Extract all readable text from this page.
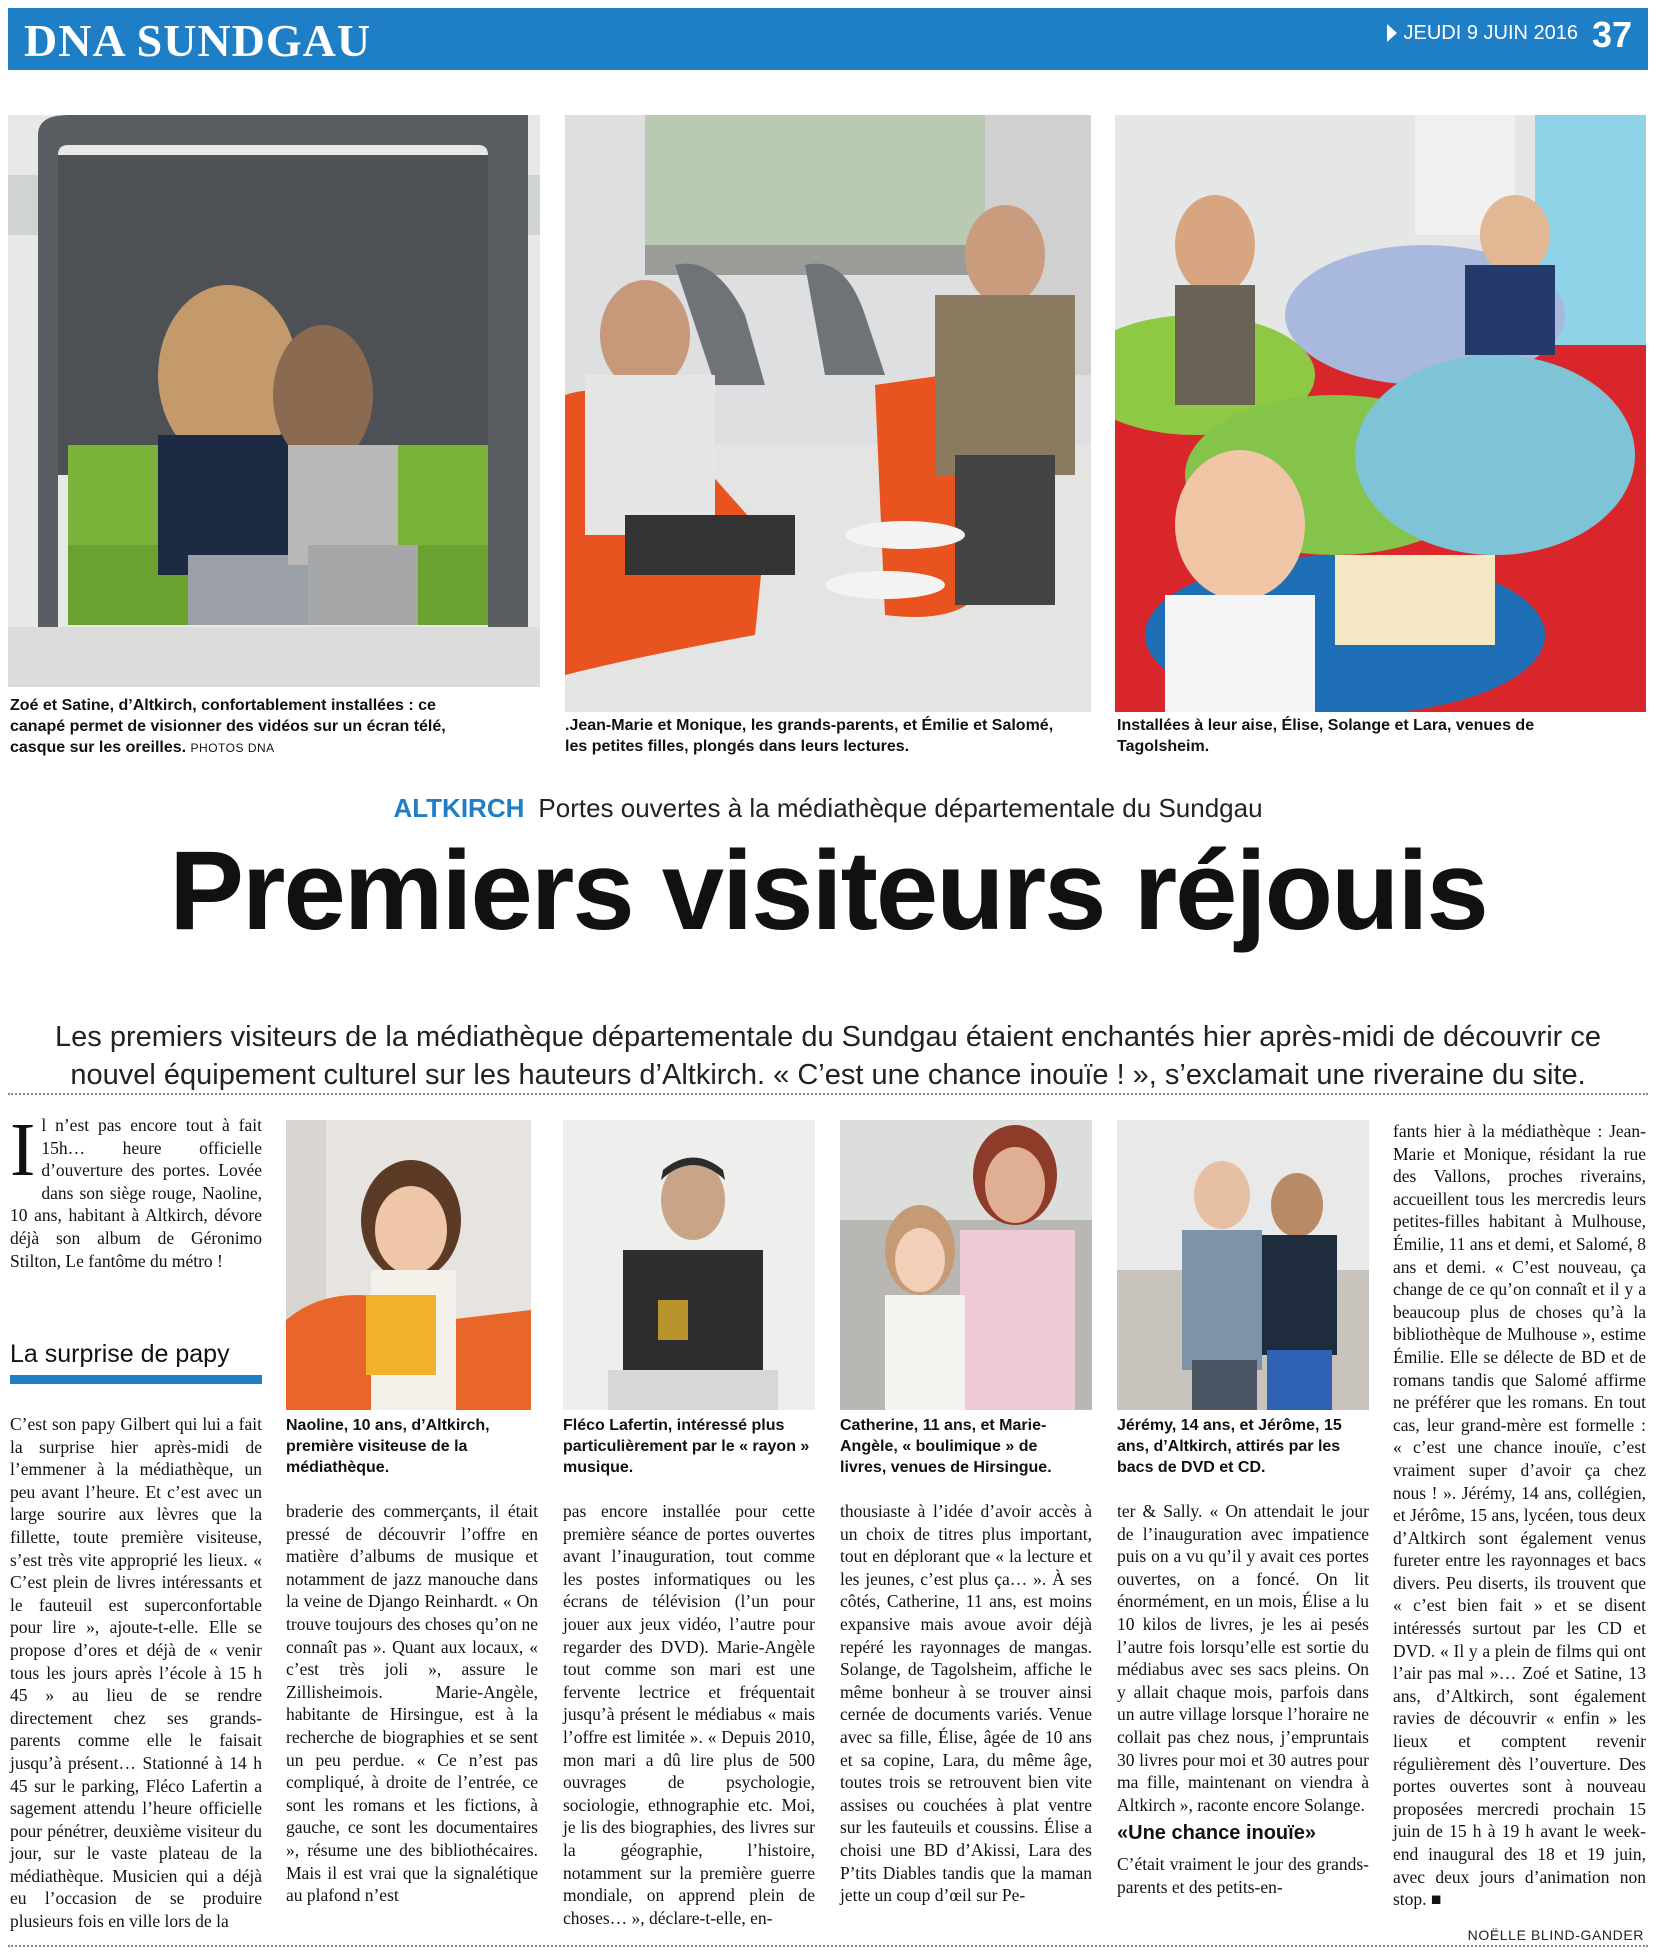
DNA SUNDGAU	JEUDI 9 JUIN 2016 37
Zoé et Satine, d’Altkirch, confortablement installées : ce canapé permet de visionner des vidéos sur un écran télé, casque sur les oreilles. PHOTOS DNA
.Jean-Marie et Monique, les grands-parents, et Émilie et Salomé, les petites filles, plongés dans leurs lectures.
Installées à leur aise, Élise, Solange et Lara, venues de Tagolsheim.
ALTKIRCH Portes ouvertes à la médiathèque départementale du Sundgau
Premiers visiteurs réjouis
Les premiers visiteurs de la médiathèque départementale du Sundgau étaient enchantés hier après-midi de découvrir ce nouvel équipement culturel sur les hauteurs d’Altkirch. « C’est une chance inouïe ! », s’exclamait une riveraine du site.
Il n’est pas encore tout à fait 15h… heure officielle d’ouverture des portes. Lovée dans son siège rouge, Naoline, 10 ans, habitant à Altkirch, dévore déjà son album de Géronimo Stilton, Le fantôme du métro !
La surprise de papy
C’est son papy Gilbert qui lui a fait la surprise hier après-midi de l’emmener à la médiathèque, un peu avant l’heure. Et c’est avec un large sourire aux lèvres que la fillette, toute première visiteuse, s’est très vite approprié les lieux. « C’est plein de livres intéressants et le fauteuil est superconfortable pour lire », ajoute-t-elle. Elle se propose d’ores et déjà de « venir tous les jours après l’école à 15 h 45 » au lieu de se rendre directement chez ses grands-parents comme elle le faisait jusqu’à présent… Stationné à 14 h 45 sur le parking, Fléco Lafertin a sagement attendu l’heure officielle pour pénétrer, deuxième visiteur du jour, sur le vaste plateau de la médiathèque. Musicien qui a déjà eu l’occasion de se produire plusieurs fois en ville lors de la
Naoline, 10 ans, d’Altkirch, première visiteuse de la médiathèque.
Fléco Lafertin, intéressé plus particulièrement par le « rayon » musique.
Catherine, 11 ans, et Marie-Angèle, « boulimique » de livres, venues de Hirsingue.
Jérémy, 14 ans, et Jérôme, 15 ans, d’Altkirch, attirés par les bacs de DVD et CD.
braderie des commerçants, il était pressé de découvrir l’offre en matière d’albums de musique et notamment de jazz manouche dans la veine de Django Reinhardt. « On trouve toujours des choses qu’on ne connaît pas ». Quant aux locaux, « c’est très joli », assure le Zillisheimois. Marie-Angèle, habitante de Hirsingue, est à la recherche de biographies et se sent un peu perdue. « Ce n’est pas compliqué, à droite de l’entrée, ce sont les romans et les fictions, à gauche, ce sont les documentaires », résume une des bibliothécaires. Mais il est vrai que la signalétique au plafond n’est
pas encore installée pour cette première séance de portes ouvertes avant l’inauguration, tout comme les postes informatiques ou les écrans de télévision (l’un pour jouer aux jeux vidéo, l’autre pour regarder des DVD). Marie-Angèle tout comme son mari est une fervente lectrice et fréquentait jusqu’à présent le médiabus « mais l’offre est limitée ». « Depuis 2010, mon mari a dû lire plus de 500 ouvrages de psychologie, sociologie, ethnographie etc. Moi, je lis des biographies, des livres sur la géographie, l’histoire, notamment sur la première guerre mondiale, on apprend plein de choses… », déclare-t-elle, en-
thousiaste à l’idée d’avoir accès à un choix de titres plus important, tout en déplorant que « la lecture et les jeunes, c’est plus ça… ». À ses côtés, Catherine, 11 ans, est moins expansive mais avoue avoir déjà repéré les rayonnages de mangas. Solange, de Tagolsheim, affiche le même bonheur à se trouver ainsi cernée de documents variés. Venue avec sa fille, Élise, âgée de 10 ans et sa copine, Lara, du même âge, toutes trois se retrouvent bien vite assises ou couchées à plat ventre sur les fauteuils et coussins. Élise a choisi une BD d’Akissi, Lara des P’tits Diables tandis que la maman jette un coup d’œil sur Pe-

ter & Sally. « On attendait le jour de l’inauguration avec impatience puis on a vu qu’il y avait ces portes ouvertes, on a foncé. On lit énormément, en un mois, Élise a lu 10 kilos de livres, je les ai pesés l’autre fois lorsqu’elle est sortie du médiabus avec ses sacs pleins. On y allait chaque mois, parfois dans un autre village lorsque l’horaire ne collait pas chez nous, j’empruntais 30 livres pour moi et 30 autres pour ma fille, maintenant on viendra à Altkirch », raconte encore Solange.

«Une chance inouïe»

C’était vraiment le jour des grands-parents et des petits-en-

fants hier à la médiathèque : Jean-Marie et Monique, résidant la rue des Vallons, proches riverains, accueillent tous les mercredis leurs petites-filles habitant à Mulhouse, Émilie, 11 ans et demi, et Salomé, 8 ans et demi. « C’est nouveau, ça change de ce qu’on connaît et il y a beaucoup plus de choses qu’à la bibliothèque de Mulhouse », estime Émilie. Elle se délecte de BD et de romans tandis que Salomé affirme ne préférer que les romans. En tout cas, leur grand-mère est formelle : « c’est une chance inouïe, c’est vraiment super d’avoir ça chez nous ! ». Jérémy, 14 ans, collégien, et Jérôme, 15 ans, lycéen, tous deux d’Altkirch sont également venus fureter entre les rayonnages et bacs divers. Peu diserts, ils trouvent que « c’est bien fait » et se disent intéressés surtout par les CD et DVD. « Il y a plein de films qui ont l’air pas mal »… Zoé et Satine, 13 ans, d’Altkirch, sont également ravies de découvrir « enfin » les lieux et comptent revenir régulièrement dès l’ouverture. Des portes ouvertes sont à nouveau proposées mercredi prochain 15 juin de 15 h à 19 h avant le week-end inaugural des 18 et 19 juin, avec deux jours d’animation non stop. ■
NOËLLE BLIND-GANDER
